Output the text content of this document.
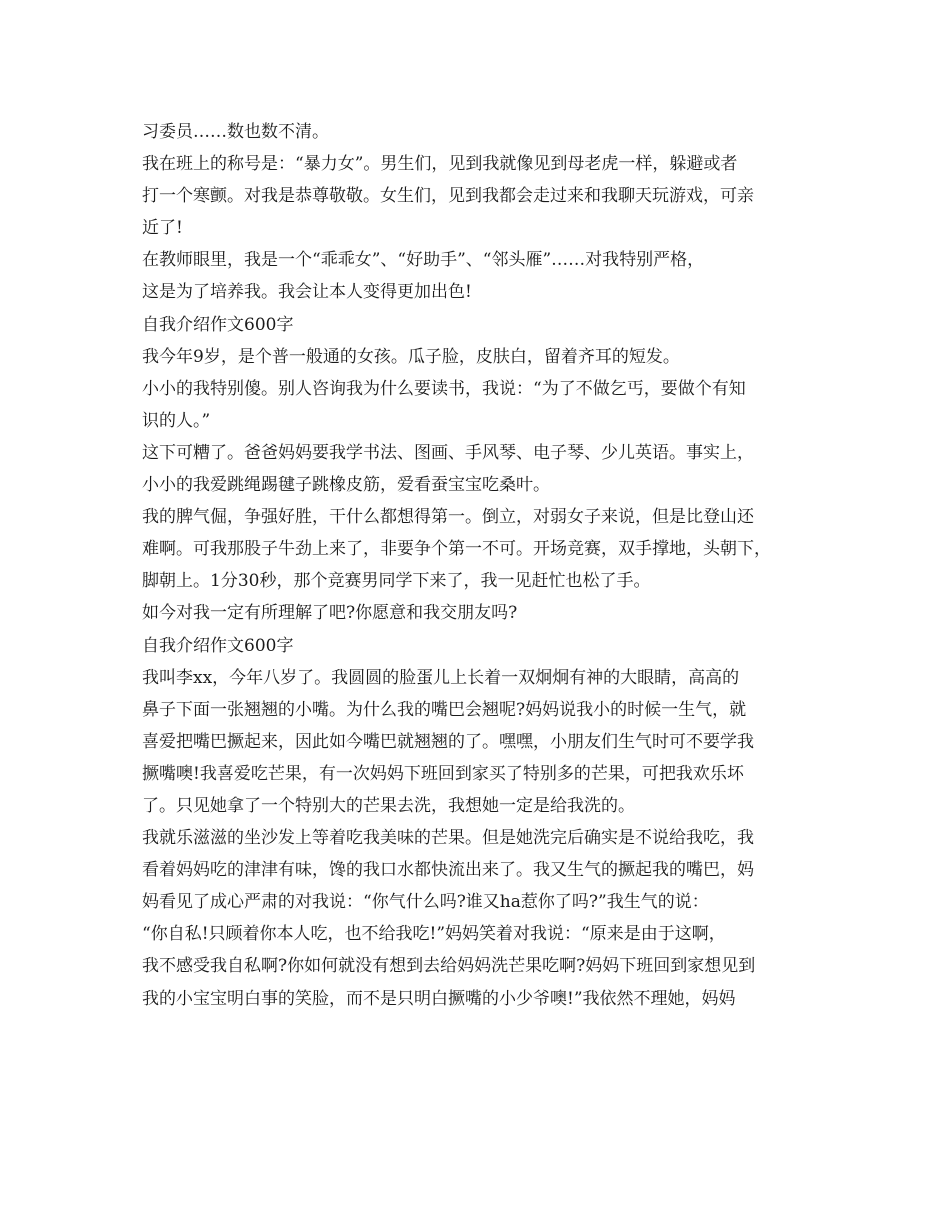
习委员……数也数不清。
我在班上的称号是：“暴力女”。男生们，见到我就像见到母老虎一样，躲避或者
打一个寒颤。对我是恭尊敬敬。女生们，见到我都会走过来和我聊天玩游戏，可亲
近了!
在教师眼里，我是一个“乖乖女”、“好助手”、“邻头雁”……对我特别严格，
这是为了培养我。我会让本人变得更加出色!
自我介绍作文600字
我今年9岁，是个普一般通的女孩。瓜子脸，皮肤白，留着齐耳的短发。
小小的我特别傻。别人咨询我为什么要读书，我说：“为了不做乞丐，要做个有知
识的人。”
这下可糟了。爸爸妈妈要我学书法、图画、手风琴、电子琴、少儿英语。事实上，
小小的我爱跳绳踢毽子跳橡皮筋，爱看蚕宝宝吃桑叶。
我的脾气倔，争强好胜，干什么都想得第一。倒立，对弱女子来说，但是比登山还
难啊。可我那股子牛劲上来了，非要争个第一不可。开场竞赛，双手撑地，头朝下，
脚朝上。1分30秒，那个竞赛男同学下来了，我一见赶忙也松了手。
如今对我一定有所理解了吧?你愿意和我交朋友吗?
自我介绍作文600字
我叫李xx，今年八岁了。我圆圆的脸蛋儿上长着一双炯炯有神的大眼睛，高高的
鼻子下面一张翘翘的小嘴。为什么我的嘴巴会翘呢?妈妈说我小的时候一生气，就
喜爱把嘴巴撅起来，因此如今嘴巴就翘翘的了。嘿嘿，小朋友们生气时可不要学我
撅嘴噢!我喜爱吃芒果，有一次妈妈下班回到家买了特别多的芒果，可把我欢乐坏
了。只见她拿了一个特别大的芒果去洗，我想她一定是给我洗的。
我就乐滋滋的坐沙发上等着吃我美味的芒果。但是她洗完后确实是不说给我吃，我
看着妈妈吃的津津有味，馋的我口水都快流出来了。我又生气的撅起我的嘴巴，妈
妈看见了成心严肃的对我说：“你气什么吗?谁又ha惹你了吗?”我生气的说：
“你自私!只顾着你本人吃，也不给我吃!”妈妈笑着对我说：“原来是由于这啊，
我不感受我自私啊?你如何就没有想到去给妈妈洗芒果吃啊?妈妈下班回到家想见到
我的小宝宝明白事的笑脸，而不是只明白撅嘴的小少爷噢!”我依然不理她，妈妈
